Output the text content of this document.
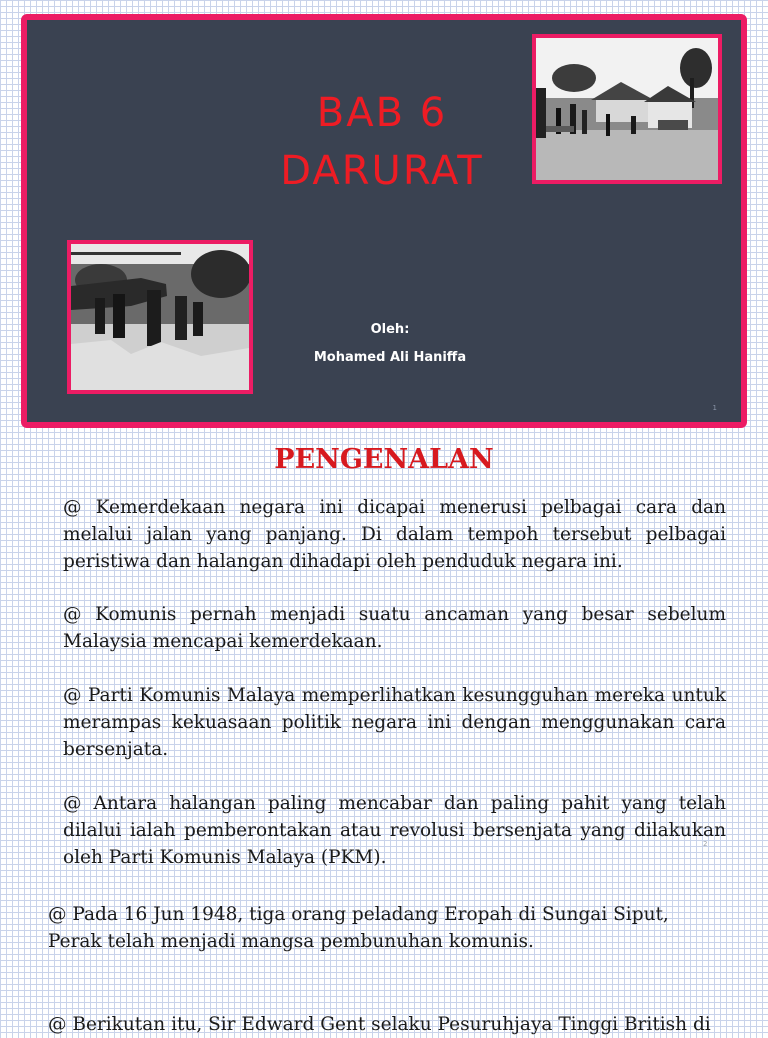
BAB 6
DARURAT
Oleh:
Mohamed Ali Haniffa
1
PENGENALAN

@ Kemerdekaan negara ini dicapai menerusi pelbagai cara dan melalui jalan yang panjang. Di dalam tempoh tersebut pelbagai peristiwa dan halangan dihadapi oleh penduduk negara ini.

@ Komunis pernah menjadi suatu ancaman yang besar sebelum Malaysia mencapai kemerdekaan.

@ Parti Komunis Malaya memperlihatkan kesungguhan mereka untuk merampas kekuasaan politik negara ini dengan menggunakan cara bersenjata.

@ Antara halangan paling mencabar dan paling pahit yang telah dilalui ialah pemberontakan atau revolusi bersenjata yang dilakukan oleh Parti Komunis Malaya (PKM).

2

@ Pada 16 Jun 1948, tiga orang peladang Eropah di Sungai Siput, Perak telah menjadi mangsa pembunuhan komunis.

@ Berikutan itu, Sir Edward Gent selaku Pesuruhjaya Tinggi British di
